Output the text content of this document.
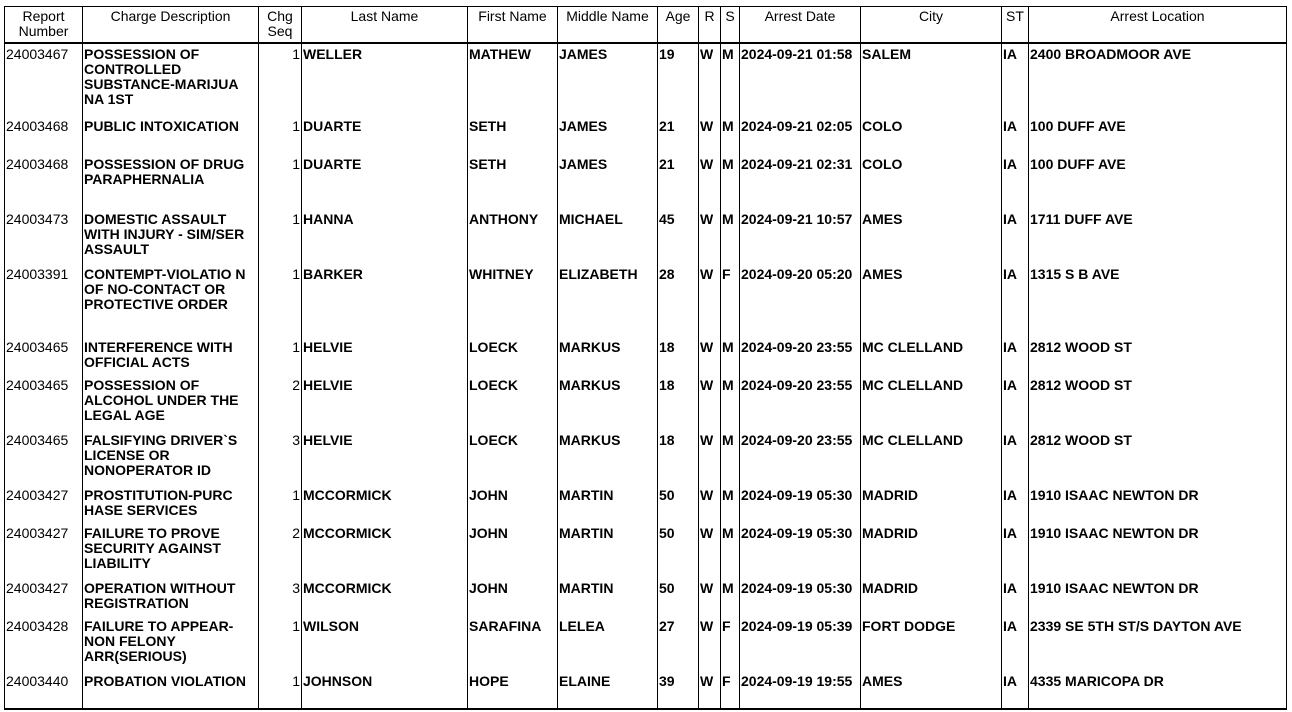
Report Number	Charge Description	Chg Seq	Last Name	First Name	Middle Name	Age	R	S	Arrest Date	City	ST	Arrest Location
24003467	POSSESSION OF CONTROLLED SUBSTANCE-MARIJUA NA 1ST	1	WELLER	MATHEW	JAMES	19	W	M	2024-09-21 01:58	SALEM	IA	2400 BROADMOOR AVE
24003468	PUBLIC INTOXICATION	1	DUARTE	SETH	JAMES	21	W	M	2024-09-21 02:05	COLO	IA	100 DUFF AVE
24003468	POSSESSION OF DRUG PARAPHERNALIA	1	DUARTE	SETH	JAMES	21	W	M	2024-09-21 02:31	COLO	IA	100 DUFF AVE
24003473	DOMESTIC ASSAULT WITH INJURY - SIM/SER ASSAULT	1	HANNA	ANTHONY	MICHAEL	45	W	M	2024-09-21 10:57	AMES	IA	1711 DUFF AVE
24003391	CONTEMPT-VIOLATIO N OF NO-CONTACT OR PROTECTIVE ORDER	1	BARKER	WHITNEY	ELIZABETH	28	W	F	2024-09-20 05:20	AMES	IA	1315 S B AVE
24003465	INTERFERENCE WITH OFFICIAL ACTS	1	HELVIE	LOECK	MARKUS	18	W	M	2024-09-20 23:55	MC CLELLAND	IA	2812 WOOD ST
24003465	POSSESSION OF ALCOHOL UNDER THE LEGAL AGE	2	HELVIE	LOECK	MARKUS	18	W	M	2024-09-20 23:55	MC CLELLAND	IA	2812 WOOD ST
24003465	FALSIFYING DRIVER`S LICENSE OR NONOPERATOR ID	3	HELVIE	LOECK	MARKUS	18	W	M	2024-09-20 23:55	MC CLELLAND	IA	2812 WOOD ST
24003427	PROSTITUTION-PURC HASE SERVICES	1	MCCORMICK	JOHN	MARTIN	50	W	M	2024-09-19 05:30	MADRID	IA	1910 ISAAC NEWTON DR
24003427	FAILURE TO PROVE SECURITY AGAINST LIABILITY	2	MCCORMICK	JOHN	MARTIN	50	W	M	2024-09-19 05:30	MADRID	IA	1910 ISAAC NEWTON DR
24003427	OPERATION WITHOUT REGISTRATION	3	MCCORMICK	JOHN	MARTIN	50	W	M	2024-09-19 05:30	MADRID	IA	1910 ISAAC NEWTON DR
24003428	FAILURE TO APPEAR-NON FELONY ARR(SERIOUS)	1	WILSON	SARAFINA	LELEA	27	W	F	2024-09-19 05:39	FORT DODGE	IA	2339 SE 5TH ST/S DAYTON AVE
24003440	PROBATION VIOLATION	1	JOHNSON	HOPE	ELAINE	39	W	F	2024-09-19 19:55	AMES	IA	4335 MARICOPA DR
